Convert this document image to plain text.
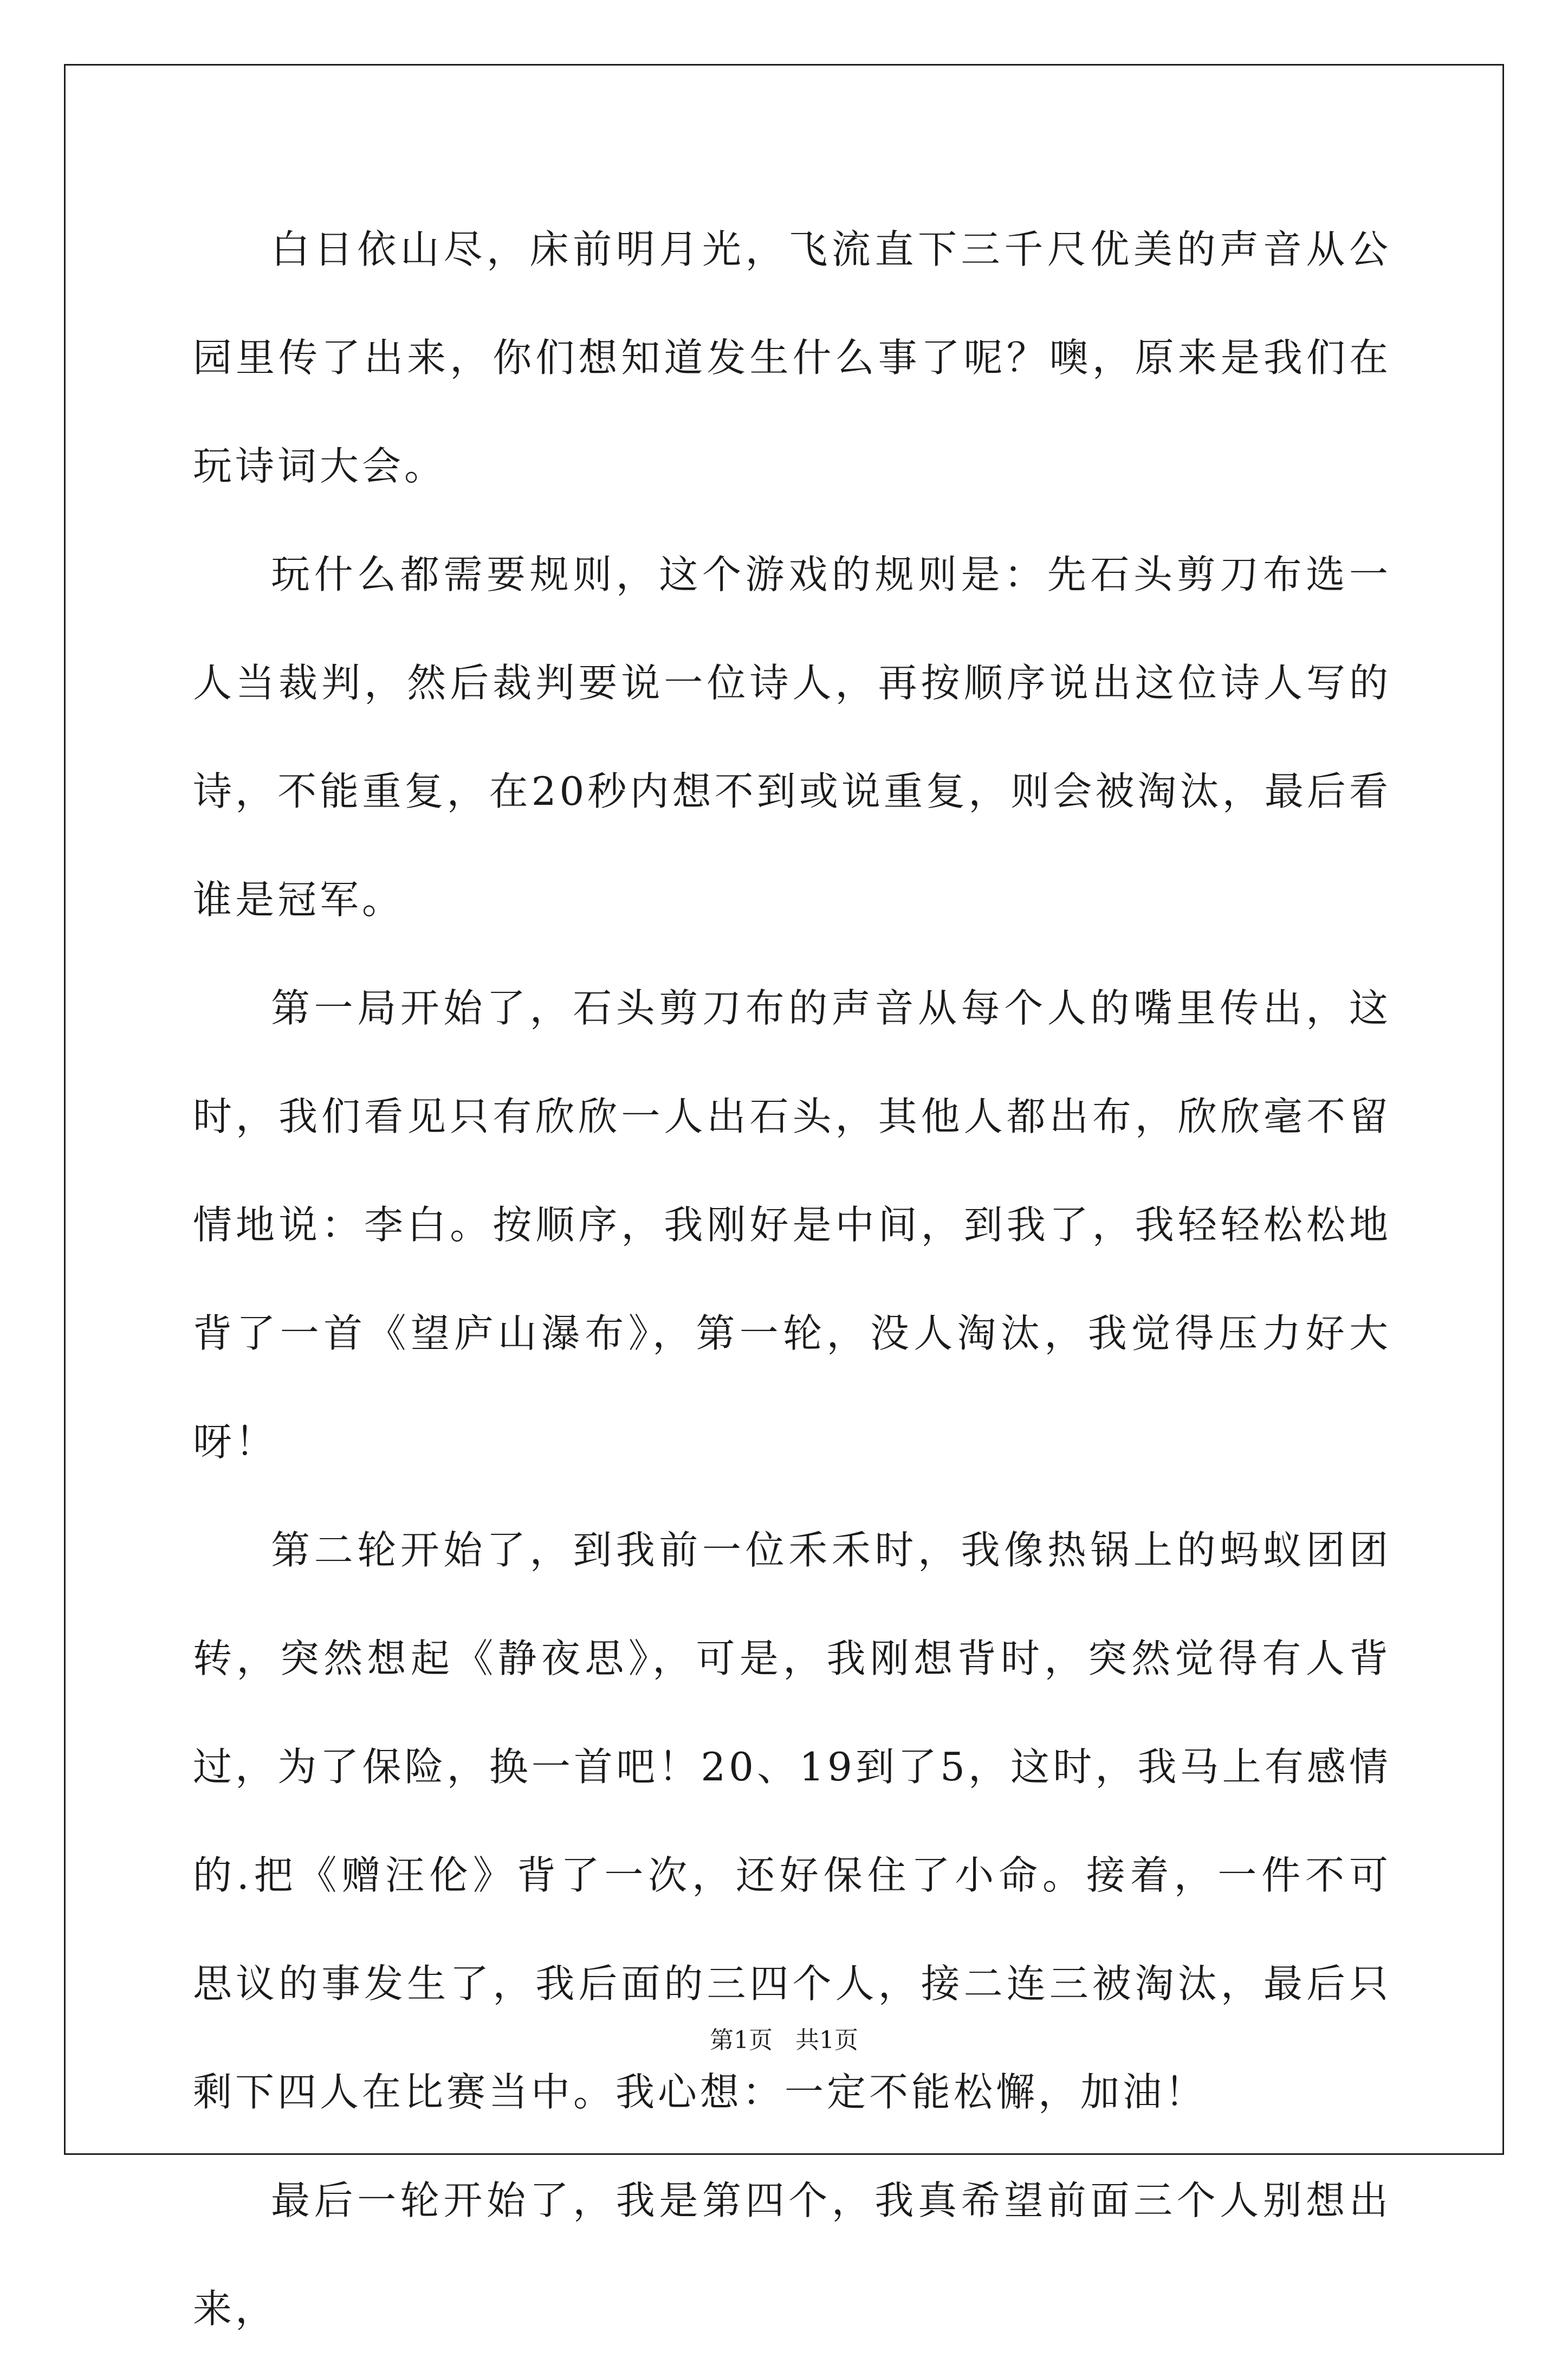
白日依山尽，床前明月光，飞流直下三千尺优美的声音从公园里传了出来，你们想知道发生什么事了呢？噢，原来是我们在玩诗词大会。

玩什么都需要规则，这个游戏的规则是：先石头剪刀布选一人当裁判，然后裁判要说一位诗人，再按顺序说出这位诗人写的诗，不能重复，在20秒内想不到或说重复，则会被淘汰，最后看谁是冠军。

第一局开始了，石头剪刀布的声音从每个人的嘴里传出，这时，我们看见只有欣欣一人出石头，其他人都出布，欣欣毫不留情地说：李白。按顺序，我刚好是中间，到我了，我轻轻松松地背了一首《望庐山瀑布》，第一轮，没人淘汰，我觉得压力好大呀！

第二轮开始了，到我前一位禾禾时，我像热锅上的蚂蚁团团转，突然想起《静夜思》，可是，我刚想背时，突然觉得有人背过，为了保险，换一首吧！20、19到了5，这时，我马上有感情的.把《赠汪伦》背了一次，还好保住了小命。接着，一件不可思议的事发生了，我后面的三四个人，接二连三被淘汰，最后只剩下四人在比赛当中。我心想：一定不能松懈，加油！

最后一轮开始了，我是第四个，我真希望前面三个人别想出来，

第1页   共1页
